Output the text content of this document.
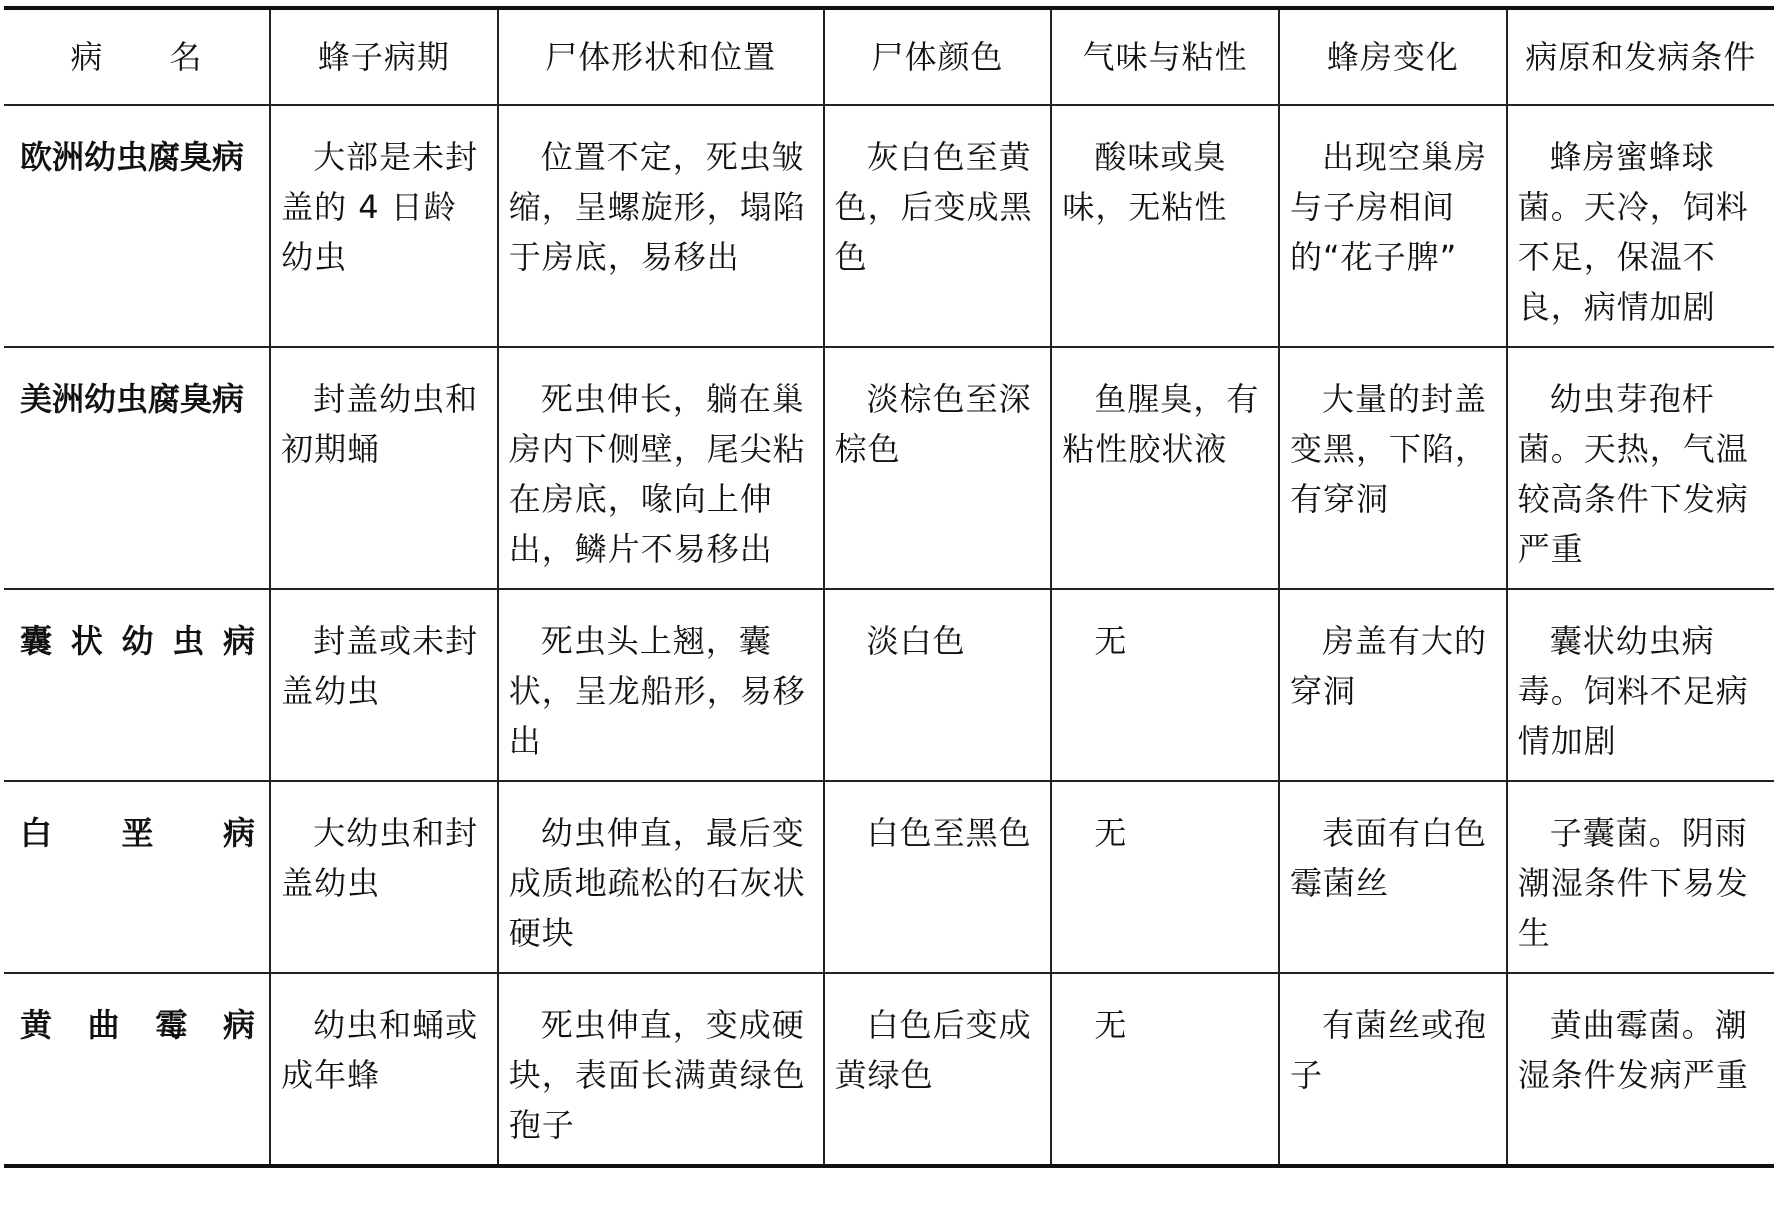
病　　名	蜂子病期	尸体形状和位置	尸体颜色	气味与粘性	蜂房变化	病原和发病条件
欧洲幼虫腐臭病	大部是未封盖的 4 日龄幼虫	位置不定，死虫皱缩，呈螺旋形，塌陷于房底，易移出	灰白色至黄色，后变成黑色	酸味或臭味，无粘性	出现空巢房与子房相间的“花子脾”	蜂房蜜蜂球菌。天冷，饲料不足，保温不良，病情加剧
美洲幼虫腐臭病	封盖幼虫和初期蛹	死虫伸长，躺在巢房内下侧壁，尾尖粘在房底，喙向上伸出，鳞片不易移出	淡棕色至深棕色	鱼腥臭，有粘性胶状液	大量的封盖变黑，下陷，有穿洞	幼虫芽孢杆菌。天热，气温较高条件下发病严重
囊状幼虫病	封盖或未封盖幼虫	死虫头上翘，囊状，呈龙船形，易移出	淡白色	无	房盖有大的穿洞	囊状幼虫病毒。饲料不足病情加剧
白垩病	大幼虫和封盖幼虫	幼虫伸直，最后变成质地疏松的石灰状硬块	白色至黑色	无	表面有白色霉菌丝	子囊菌。阴雨潮湿条件下易发生
黄曲霉病	幼虫和蛹或成年蜂	死虫伸直，变成硬块，表面长满黄绿色孢子	白色后变成黄绿色	无	有菌丝或孢子	黄曲霉菌。潮湿条件发病严重
